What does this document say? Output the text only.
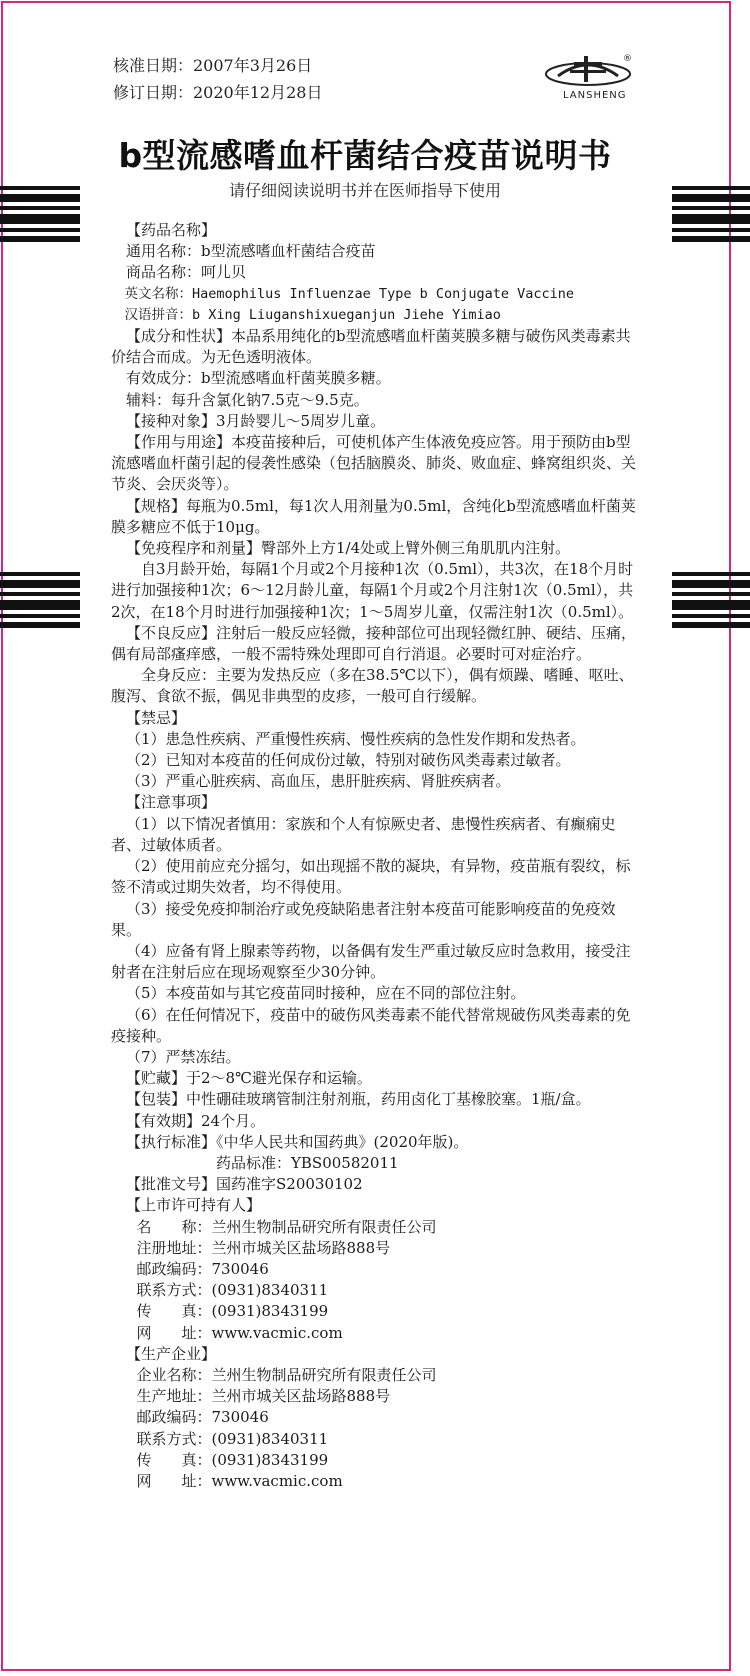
核准日期：2007年3月26日
修订日期：2020年12月28日
®
LANSHENG
b型流感嗜血杆菌结合疫苗说明书
请仔细阅读说明书并在医师指导下使用

【药品名称】

通用名称：b型流感嗜血杆菌结合疫苗

商品名称：呵儿贝

英文名称：Haemophilus Influenzae Type b Conjugate Vaccine

汉语拼音：b Xing Liuganshixueganjun Jiehe Yimiao

【成分和性状】本品系用纯化的b型流感嗜血杆菌荚膜多糖与破伤风类毒素共价结合而成。为无色透明液体。

有效成分：b型流感嗜血杆菌荚膜多糖。

辅料：每升含氯化钠7.5克～9.5克。

【接种对象】3月龄婴儿～5周岁儿童。

【作用与用途】本疫苗接种后，可使机体产生体液免疫应答。用于预防由b型流感嗜血杆菌引起的侵袭性感染（包括脑膜炎、肺炎、败血症、蜂窝组织炎、关节炎、会厌炎等）。

【规格】每瓶为0.5ml，每1次人用剂量为0.5ml，含纯化b型流感嗜血杆菌荚膜多糖应不低于10μg。

【免疫程序和剂量】臀部外上方1/4处或上臂外侧三角肌肌内注射。

自3月龄开始，每隔1个月或2个月接种1次（0.5ml），共3次，在18个月时进行加强接种1次；6～12月龄儿童，每隔1个月或2个月注射1次（0.5ml），共2次，在18个月时进行加强接种1次；1～5周岁儿童，仅需注射1次（0.5ml）。

【不良反应】注射后一般反应轻微，接种部位可出现轻微红肿、硬结、压痛，偶有局部瘙痒感，一般不需特殊处理即可自行消退。必要时可对症治疗。

全身反应：主要为发热反应（多在38.5℃以下），偶有烦躁、嗜睡、呕吐、腹泻、食欲不振，偶见非典型的皮疹，一般可自行缓解。

【禁忌】

（1）患急性疾病、严重慢性疾病、慢性疾病的急性发作期和发热者。

（2）已知对本疫苗的任何成份过敏，特别对破伤风类毒素过敏者。

（3）严重心脏疾病、高血压，患肝脏疾病、肾脏疾病者。

【注意事项】

（1）以下情况者慎用：家族和个人有惊厥史者、患慢性疾病者、有癫痫史者、过敏体质者。

（2）使用前应充分摇匀，如出现摇不散的凝块，有异物，疫苗瓶有裂纹，标签不清或过期失效者，均不得使用。

（3）接受免疫抑制治疗或免疫缺陷患者注射本疫苗可能影响疫苗的免疫效果。

（4）应备有肾上腺素等药物，以备偶有发生严重过敏反应时急救用，接受注射者在注射后应在现场观察至少30分钟。

（5）本疫苗如与其它疫苗同时接种，应在不同的部位注射。

（6）在任何情况下，疫苗中的破伤风类毒素不能代替常规破伤风类毒素的免疫接种。

（7）严禁冻结。

【贮藏】于2～8℃避光保存和运输。

【包装】中性硼硅玻璃管制注射剂瓶，药用卤化丁基橡胶塞。1瓶/盒。

【有效期】24个月。

【执行标准】《中华人民共和国药典》(2020年版)。

药品标准：YBS00582011

【批准文号】国药准字S20030102

【上市许可持有人】

名　　称：兰州生物制品研究所有限责任公司

注册地址：兰州市城关区盐场路888号

邮政编码：730046

联系方式：(0931)8340311

传　　真：(0931)8343199

网　　址：www.vacmic.com

【生产企业】

企业名称：兰州生物制品研究所有限责任公司

生产地址：兰州市城关区盐场路888号

邮政编码：730046

联系方式：(0931)8340311

传　　真：(0931)8343199

网　　址：www.vacmic.com
